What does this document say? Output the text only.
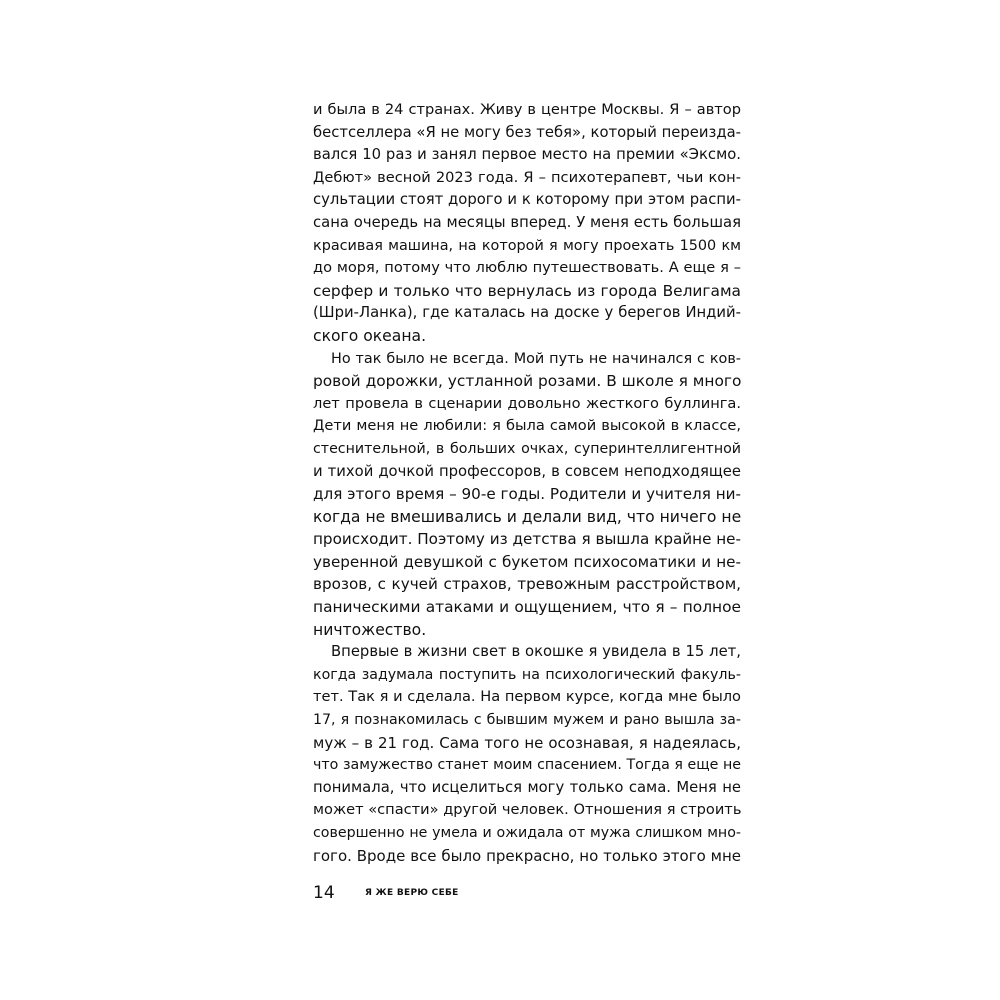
и была в 24 странах. Живу в центре Москвы. Я – автор
бестселлера «Я не могу без тебя», который переизда-
вался 10 раз и занял первое место на премии «Эксмо.
Дебют» весной 2023 года. Я – психотерапевт, чьи кон-
сультации стоят дорого и к которому при этом распи-
сана очередь на месяцы вперед. У меня есть большая
красивая машина, на которой я могу проехать 1500 км
до моря, потому что люблю путешествовать. А еще я –
серфер и только что вернулась из города Велигама
(Шри-Ланка), где каталась на доске у берегов Индий-
ского океана.
Но так было не всегда. Мой путь не начинался с ков-
ровой дорожки, устланной розами. В школе я много
лет провела в сценарии довольно жесткого буллинга.
Дети меня не любили: я была самой высокой в классе,
стеснительной, в больших очках, суперинтеллигентной
и тихой дочкой профессоров, в совсем неподходящее
для этого время – 90-е годы. Родители и учителя ни-
когда не вмешивались и делали вид, что ничего не
происходит. Поэтому из детства я вышла крайне не-
уверенной девушкой с букетом психосоматики и не-
врозов, с кучей страхов, тревожным расстройством,
паническими атаками и ощущением, что я – полное
ничтожество.
Впервые в жизни свет в окошке я увидела в 15 лет,
когда задумала поступить на психологический факуль-
тет. Так я и сделала. На первом курсе, когда мне было
17, я познакомилась с бывшим мужем и рано вышла за-
муж – в 21 год. Сама того не осознавая, я надеялась,
что замужество станет моим спасением. Тогда я еще не
понимала, что исцелиться могу только сама. Меня не
может «спасти» другой человек. Отношения я строить
совершенно не умела и ожидала от мужа слишком мно-
гого. Вроде все было прекрасно, но только этого мне
14	Я ЖЕ ВЕРЮ СЕБЕ
